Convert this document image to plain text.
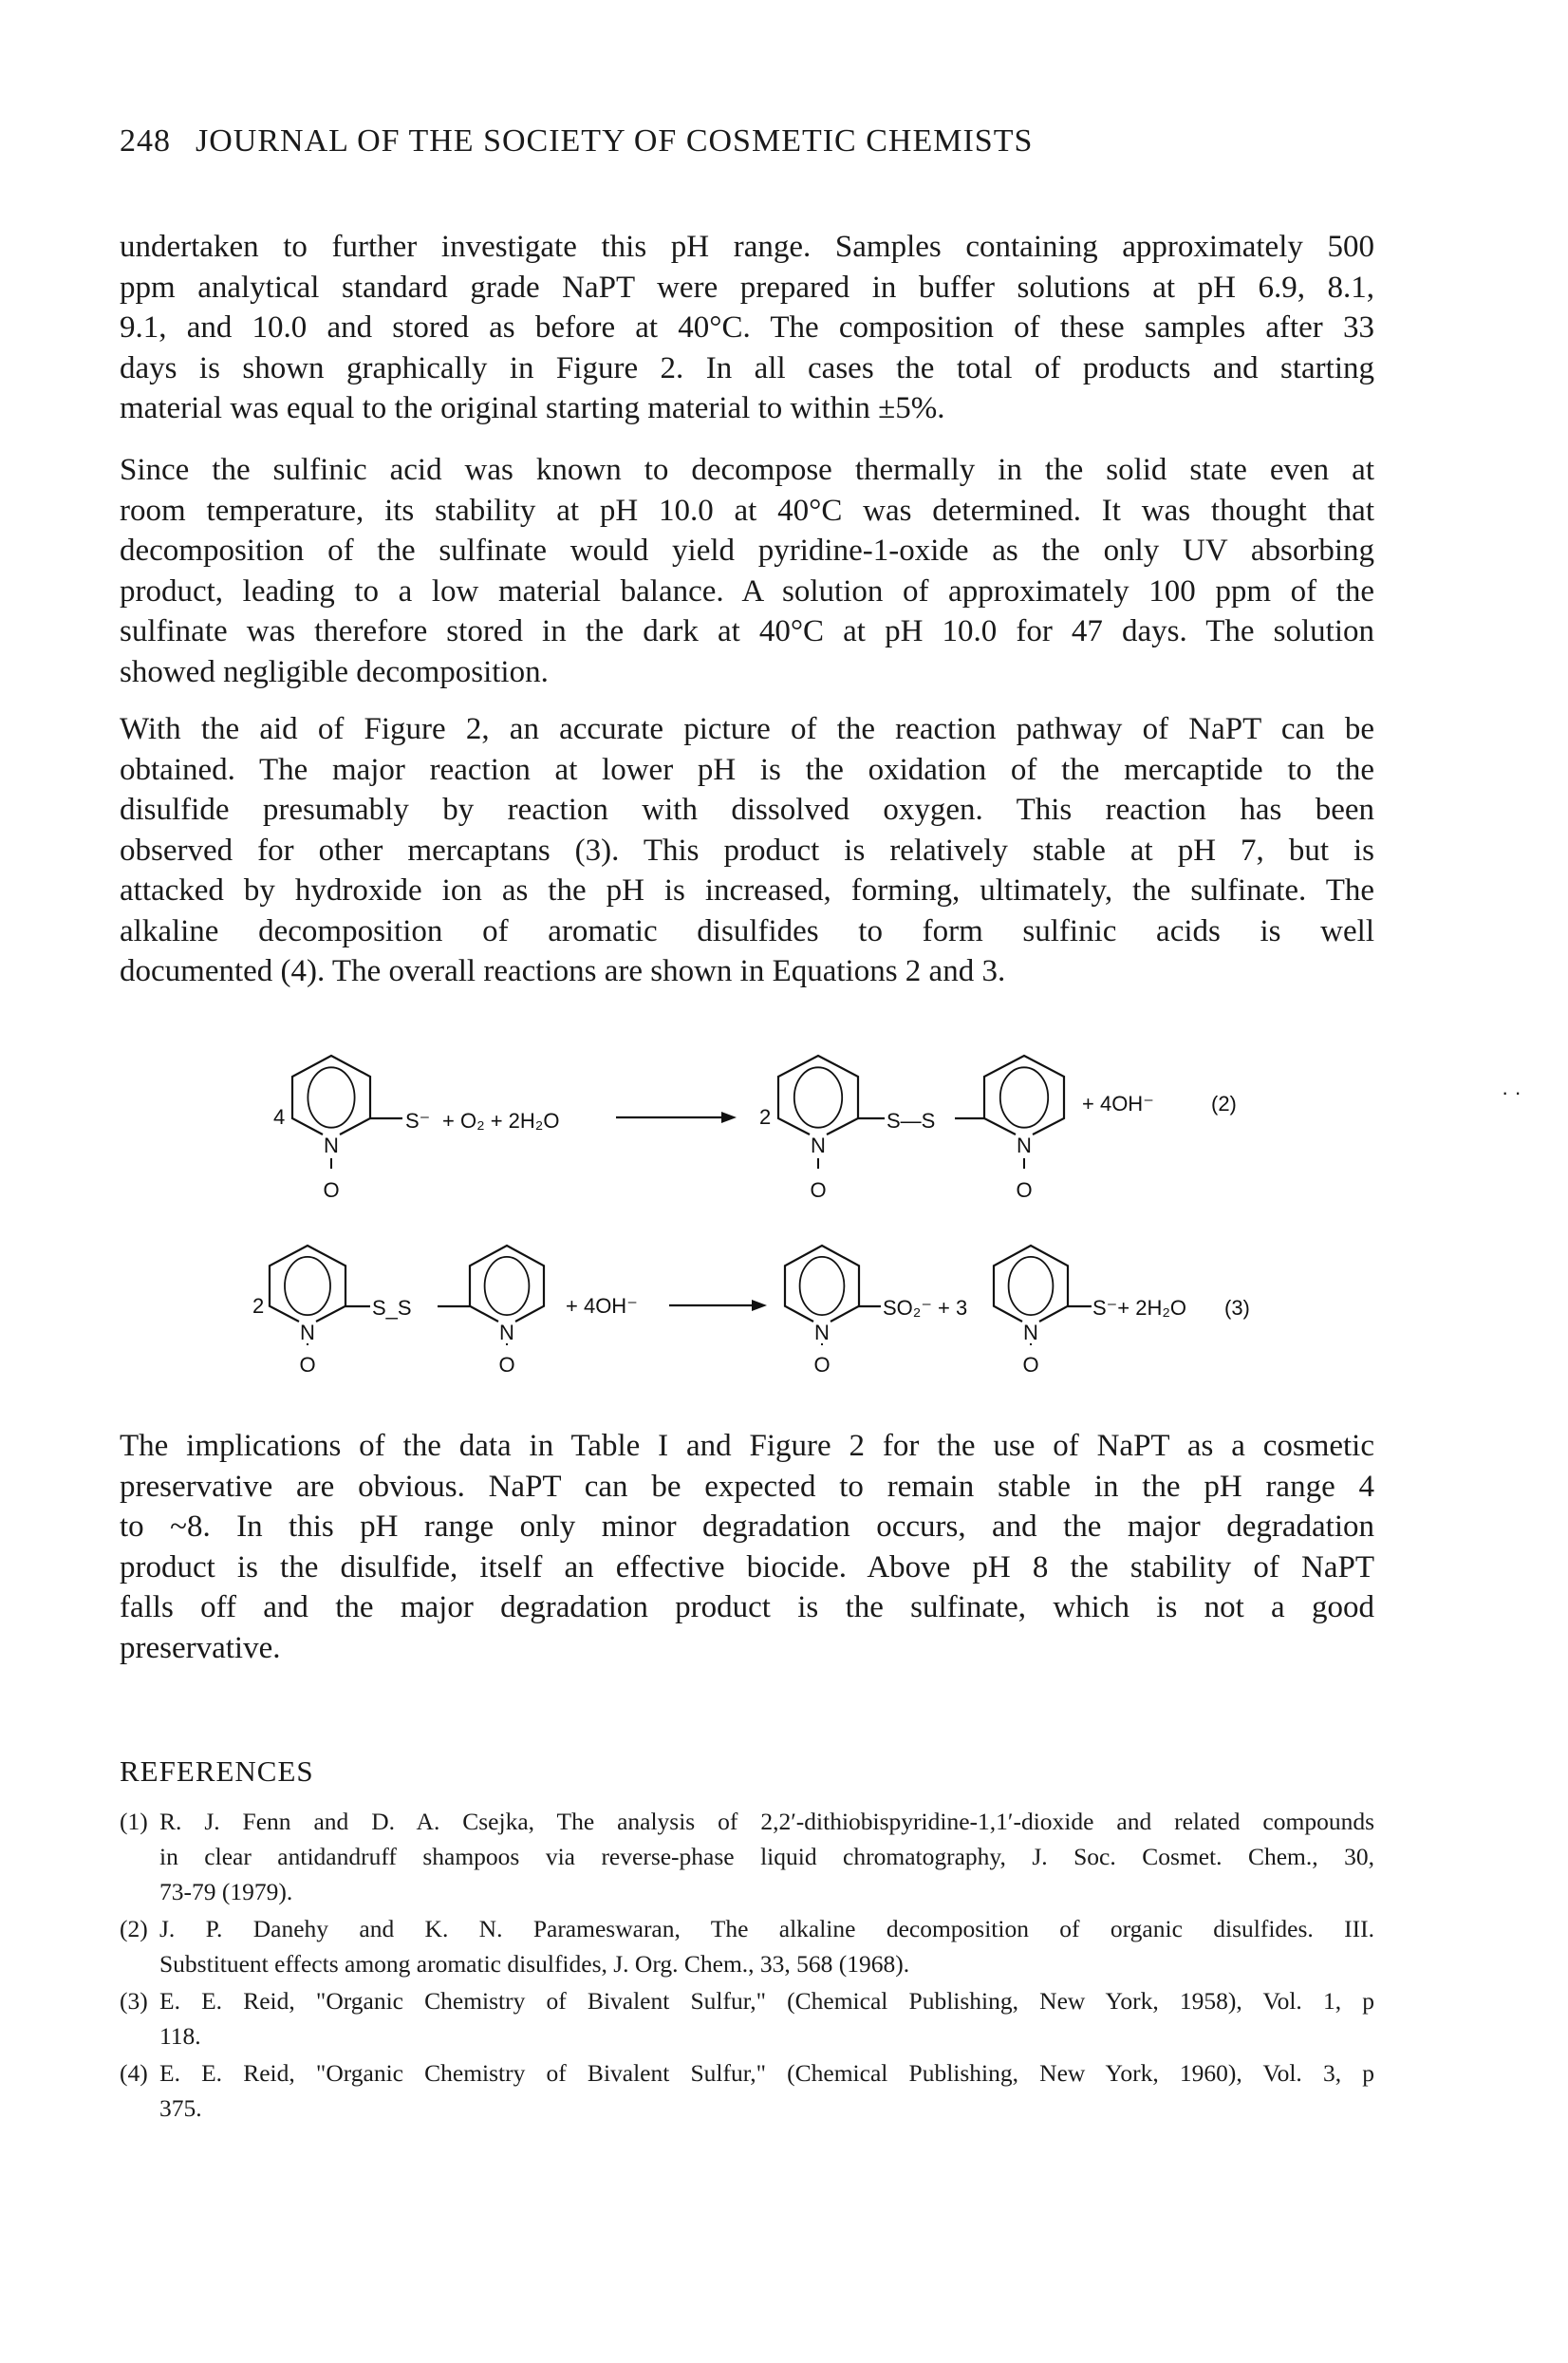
248 JOURNAL OF THE SOCIETY OF COSMETIC CHEMISTS
undertaken to further investigate this pH range. Samples containing approximately 500
ppm analytical standard grade NaPT were prepared in buffer solutions at pH 6.9, 8.1,
9.1, and 10.0 and stored as before at 40°C. The composition of these samples after 33
days is shown graphically in Figure 2. In all cases the total of products and starting
material was equal to the original starting material to within ±5%.
Since the sulfinic acid was known to decompose thermally in the solid state even at
room temperature, its stability at pH 10.0 at 40°C was determined. It was thought that
decomposition of the sulfinate would yield pyridine-1-oxide as the only UV absorbing
product, leading to a low material balance. A solution of approximately 100 ppm of the
sulfinate was therefore stored in the dark at 40°C at pH 10.0 for 47 days. The solution
showed negligible decomposition.
With the aid of Figure 2, an accurate picture of the reaction pathway of NaPT can be
obtained. The major reaction at lower pH is the oxidation of the mercaptide to the
disulfide presumably by reaction with dissolved oxygen. This reaction has been
observed for other mercaptans (3). This product is relatively stable at pH 7, but is
attacked by hydroxide ion as the pH is increased, forming, ultimately, the sulfinate. The
alkaline decomposition of aromatic disulfides to form sulfinic acids is well
documented (4). The overall reactions are shown in Equations 2 and 3.
The implications of the data in Table I and Figure 2 for the use of NaPT as a cosmetic
preservative are obvious. NaPT can be expected to remain stable in the pH range 4
to ~8. In this pH range only minor degradation occurs, and the major degradation
product is the disulfide, itself an effective biocide. Above pH 8 the stability of NaPT
falls off and the major degradation product is the sulfinate, which is not a good
preservative.
N
O
N
O
N
O
N
O
N
O
N
O
N
O
4	S⁻ + O₂ + 2H₂O	2	S—S
+ 4OH⁻	(2)	· ·
2	S_S	+ 4OH⁻	SO₂⁻ + 3	S⁻+ 2H₂O (3)
REFERENCES
(1) R. J. Fenn and D. A. Csejka, The analysis of 2,2′-dithiobispyridine-1,1′-dioxide and related compounds
in clear antidandruff shampoos via reverse-phase liquid chromatography, J. Soc. Cosmet. Chem., 30,
73-79 (1979).
(2) J. P. Danehy and K. N. Parameswaran, The alkaline decomposition of organic disulfides. III.
Substituent effects among aromatic disulfides, J. Org. Chem., 33, 568 (1968).
(3) E. E. Reid, "Organic Chemistry of Bivalent Sulfur," (Chemical Publishing, New York, 1958), Vol. 1, p
118.
(4) E. E. Reid, "Organic Chemistry of Bivalent Sulfur," (Chemical Publishing, New York, 1960), Vol. 3, p
375.
